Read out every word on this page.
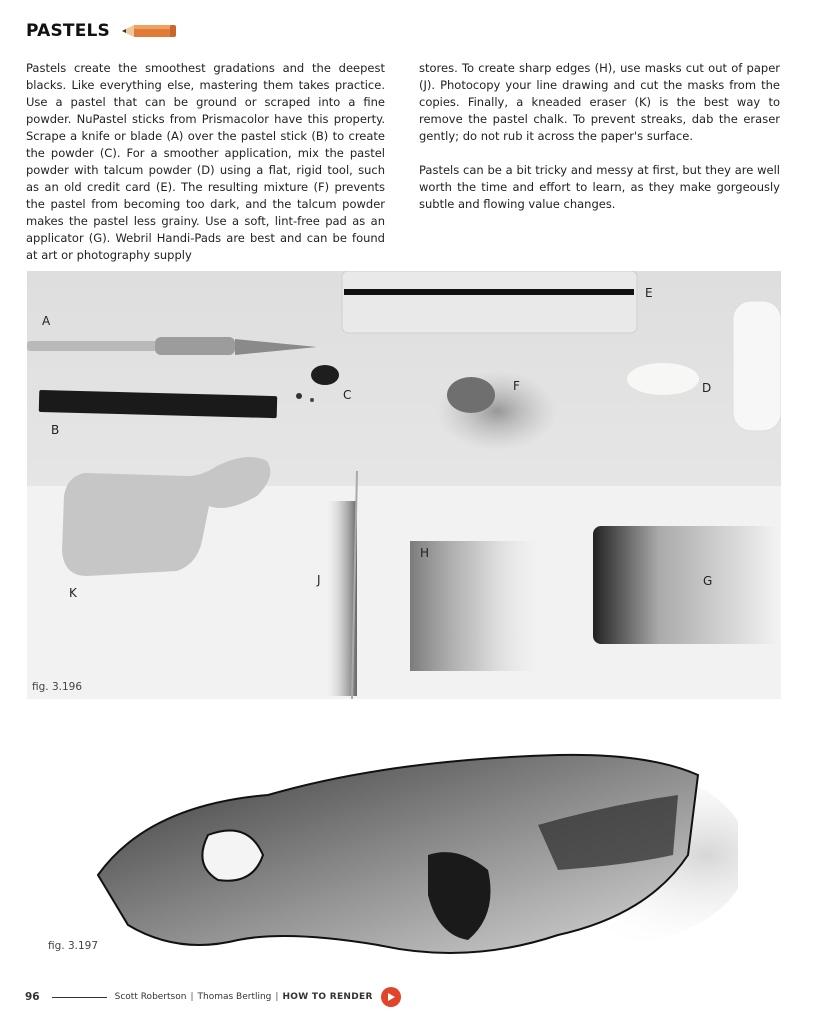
PASTELS

Pastels create the smoothest gradations and the deepest blacks. Like everything else, mastering them takes practice. Use a pastel that can be ground or scraped into a fine powder. NuPastel sticks from Prismacolor have this property. Scrape a knife or blade (A) over the pastel stick (B) to create the powder (C). For a smoother application, mix the pastel powder with talcum powder (D) using a flat, rigid tool, such as an old credit card (E). The resulting mixture (F) prevents the pastel from becoming too dark, and the talcum powder makes the pastel less grainy. Use a soft, lint-free pad as an applicator (G). Webril Handi-Pads are best and can be found at art or photography supply

stores. To create sharp edges (H), use masks cut out of paper (J). Photocopy your line drawing and cut the masks from the copies. Finally, a kneaded eraser (K) is the best way to remove the pastel chalk. To prevent streaks, dab the eraser gently; do not rub it across the paper's surface.

Pastels can be a bit tricky and messy at first, but they are well worth the time and effort to learn, as they make gorgeously subtle and flowing value changes.

A
B
C	D
E
F
G
H
J
K
fig. 3.196
fig. 3.197
96	Scott Robertson | Thomas Bertling | HOW TO RENDER
